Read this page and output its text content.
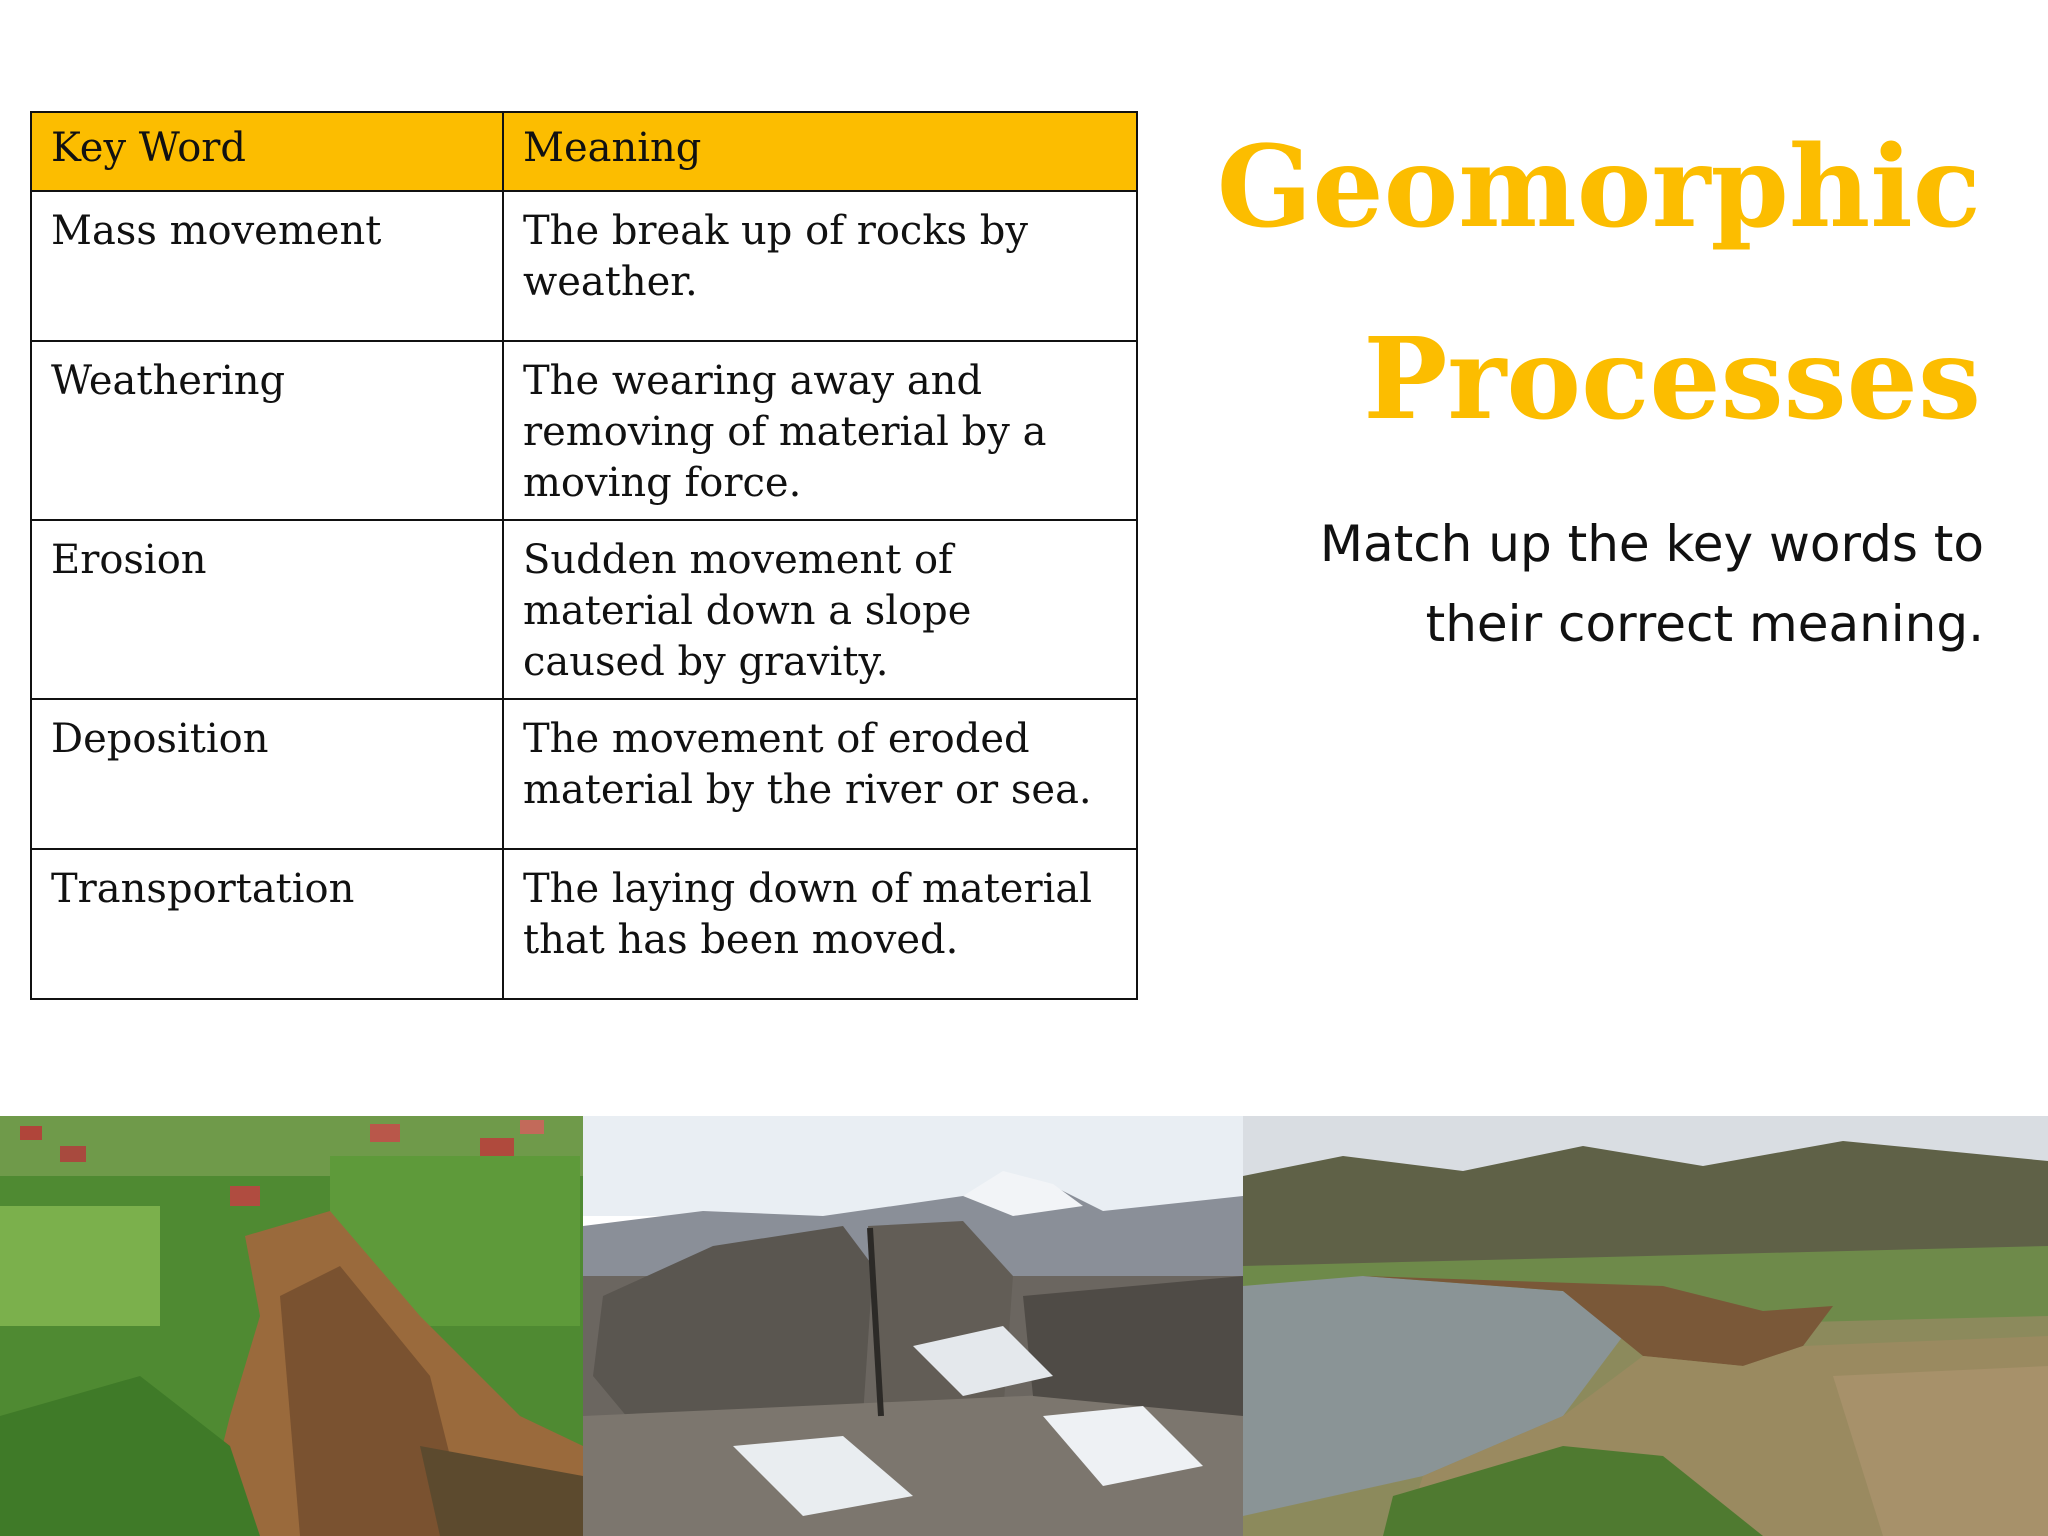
Key Word	Meaning
Mass movement	The break up of rocks by
weather.

Weathering	The wearing away and
removing of material by a
moving force.

Erosion	Sudden movement of
material down a slope
caused by gravity.

Deposition	The movement of eroded
material by the river or sea.

Transportation	The laying down of material
that has been moved.
Geomorphic
Processes

Match up the key words to
their correct meaning.
